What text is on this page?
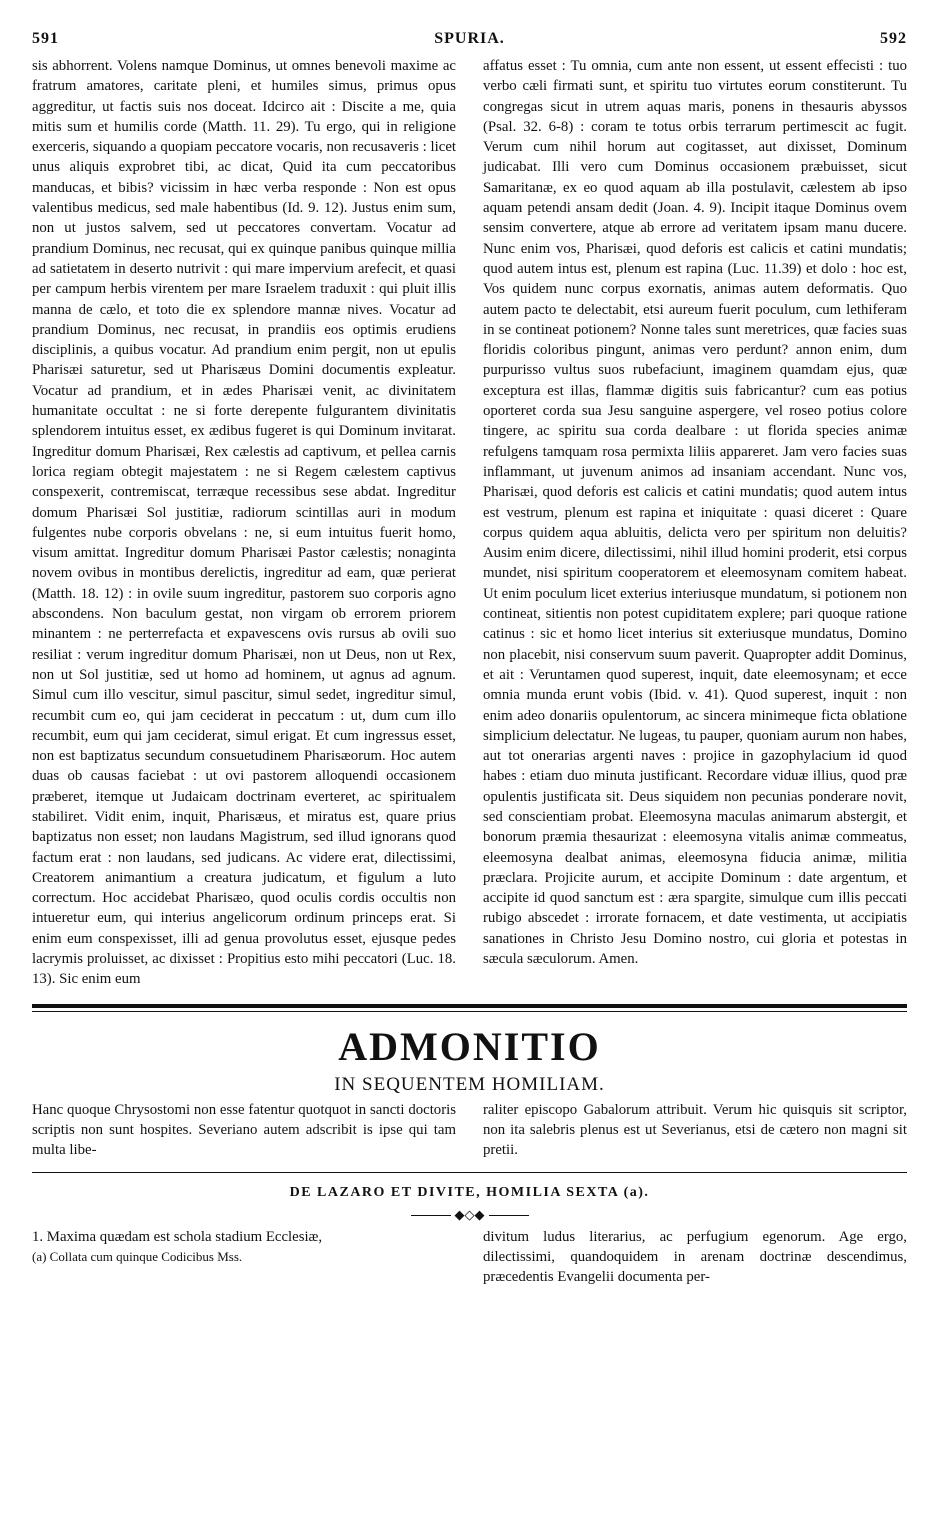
591	SPURIA.	592

sis abhorrent. Volens namque Dominus, ut omnes benevoli maxime ac fratrum amatores, caritate pleni, et humiles simus, primus opus aggreditur, ut factis suis nos doceat. Idcirco ait : Discite a me, quia mitis sum et humilis corde (Matth. 11. 29). Tu ergo, qui in religione exerceris, siquando a quopiam peccatore vocaris, non recusaveris : licet unus aliquis exprobret tibi, ac dicat, Quid ita cum peccatoribus manducas, et bibis? vicissim in hæc verba responde : Non est opus valentibus medicus, sed male habentibus (Id. 9. 12). Justus enim sum, non ut justos salvem, sed ut peccatores convertam. Vocatur ad prandium Dominus, nec recusat, qui ex quinque panibus quinque millia ad satietatem in deserto nutrivit : qui mare impervium arefecit, et quasi per campum herbis virentem per mare Israelem traduxit : qui pluit illis manna de cælo, et toto die ex splendore mannæ nives. Vocatur ad prandium Dominus, nec recusat, in prandiis eos optimis erudiens disciplinis, a quibus vocatur. Ad prandium enim pergit, non ut epulis Pharisæi saturetur, sed ut Pharisæus Domini documentis expleatur. Vocatur ad prandium, et in ædes Pharisæi venit, ac divinitatem humanitate occultat : ne si forte derepente fulgurantem divinitatis splendorem intuitus esset, ex ædibus fugeret is qui Dominum invitarat. Ingreditur domum Pharisæi, Rex cælestis ad captivum, et pellea carnis lorica regiam obtegit majestatem : ne si Regem cælestem captivus conspexerit, contremiscat, terræque recessibus sese abdat. Ingreditur domum Pharisæi Sol justitiæ, radiorum scintillas auri in modum fulgentes nube corporis obvelans : ne, si eum intuitus fuerit homo, visum amittat. Ingreditur domum Pharisæi Pastor cælestis; nonaginta novem ovibus in montibus derelictis, ingreditur ad eam, quæ perierat (Matth. 18. 12) : in ovile suum ingreditur, pastorem suo corporis agno abscondens. Non baculum gestat, non virgam ob errorem priorem minantem : ne perterrefacta et expavescens ovis rursus ab ovili suo resiliat : verum ingreditur domum Pharisæi, non ut Deus, non ut Rex, non ut Sol justitiæ, sed ut homo ad hominem, ut agnus ad agnum. Simul cum illo vescitur, simul pascitur, simul sedet, ingreditur simul, recumbit cum eo, qui jam ceciderat in peccatum : ut, dum cum illo recumbit, eum qui jam ceciderat, simul erigat. Et cum ingressus esset, non est baptizatus secundum consuetudinem Pharisæorum. Hoc autem duas ob causas faciebat : ut ovi pastorem alloquendi occasionem præberet, itemque ut Judaicam doctrinam everteret, ac spiritualem stabiliret. Vidit enim, inquit, Pharisæus, et miratus est, quare prius baptizatus non esset; non laudans Magistrum, sed illud ignorans quod factum erat : non laudans, sed judicans. Ac videre erat, dilectissimi, Creatorem animantium a creatura judicatum, et figulum a luto correctum. Hoc accidebat Pharisæo, quod oculis cordis occultis non intueretur eum, qui interius angelicorum ordinum princeps erat. Si enim eum conspexisset, illi ad genua provolutus esset, ejusque pedes lacrymis proluisset, ac dixisset : Propitius esto mihi peccatori (Luc. 18. 13). Sic enim eum

affatus esset : Tu omnia, cum ante non essent, ut essent effecisti : tuo verbo cæli firmati sunt, et spiritu tuo virtutes eorum constiterunt. Tu congregas sicut in utrem aquas maris, ponens in thesauris abyssos (Psal. 32. 6-8) : coram te totus orbis terrarum pertimescit ac fugit. Verum cum nihil horum aut cogitasset, aut dixisset, Dominum judicabat. Illi vero cum Dominus occasionem præbuisset, sicut Samaritanæ, ex eo quod aquam ab illa postulavit, cælestem ab ipso aquam petendi ansam dedit (Joan. 4. 9). Incipit itaque Dominus ovem sensim convertere, atque ab errore ad veritatem ipsam manu ducere. Nunc enim vos, Pharisæi, quod deforis est calicis et catini mundatis; quod autem intus est, plenum est rapina (Luc. 11.39) et dolo : hoc est, Vos quidem nunc corpus exornatis, animas autem deformatis. Quo autem pacto te delectabit, etsi aureum fuerit poculum, cum lethiferam in se contineat potionem? Nonne tales sunt meretrices, quæ facies suas floridis coloribus pingunt, animas vero perdunt? annon enim, dum purpurisso vultus suos rubefaciunt, imaginem quamdam ejus, quæ exceptura est illas, flammæ digitis suis fabricantur? cum eas potius oporteret corda sua Jesu sanguine aspergere, vel roseo potius colore tingere, ac spiritu sua corda dealbare : ut florida species animæ refulgens tamquam rosa permixta liliis appareret. Jam vero facies suas inflammant, ut juvenum animos ad insaniam accendant. Nunc vos, Pharisæi, quod deforis est calicis et catini mundatis; quod autem intus est vestrum, plenum est rapina et iniquitate : quasi diceret : Quare corpus quidem aqua abluitis, delicta vero per spiritum non deluitis? Ausim enim dicere, dilectissimi, nihil illud homini proderit, etsi corpus mundet, nisi spiritum cooperatorem et eleemosynam comitem habeat. Ut enim poculum licet exterius interiusque mundatum, si potionem non contineat, sitientis non potest cupiditatem explere; pari quoque ratione catinus : sic et homo licet interius sit exteriusque mundatus, Domino non placebit, nisi conservum suum paverit. Quapropter addit Dominus, et ait : Veruntamen quod superest, inquit, date eleemosynam; et ecce omnia munda erunt vobis (Ibid. v. 41). Quod superest, inquit : non enim adeo donariis opulentorum, ac sincera minimeque ficta oblatione simplicium delectatur. Ne lugeas, tu pauper, quoniam aurum non habes, aut tot onerarias argenti naves : projice in gazophylacium id quod habes : etiam duo minuta justificant. Recordare viduæ illius, quod præ opulentis justificata sit. Deus siquidem non pecunias ponderare novit, sed conscientiam probat. Eleemosyna maculas animarum abstergit, et bonorum præmia thesaurizat : eleemosyna vitalis animæ commeatus, eleemosyna dealbat animas, eleemosyna fiducia animæ, militia præclara. Projicite aurum, et accipite Dominum : date argentum, et accipite id quod sanctum est : æra spargite, simulque cum illis peccati rubigo abscedet : irrorate fornacem, et date vestimenta, ut accipiatis sanationes in Christo Jesu Domino nostro, cui gloria et potestas in sæcula sæculorum. Amen.

ADMONITIO
IN SEQUENTEM HOMILIAM.

Hanc quoque Chrysostomi non esse fatentur quotquot in sancti doctoris scriptis non sunt hospites. Severiano autem adscribit is ipse qui tam multa libe-

raliter episcopo Gabalorum attribuit. Verum hic quisquis sit scriptor, non ita salebris plenus est ut Severianus, etsi de cætero non magni sit pretii.

DE LAZARO ET DIVITE, HOMILIA SEXTA (a).
◆◇◆

1. Maxima quædam est schola stadium Ecclesiæ,

(a) Collata cum quinque Codicibus Mss.

divitum ludus literarius, ac perfugium egenorum. Age ergo, dilectissimi, quandoquidem in arenam doctrinæ descendimus, præcedentis Evangelii documenta per-
